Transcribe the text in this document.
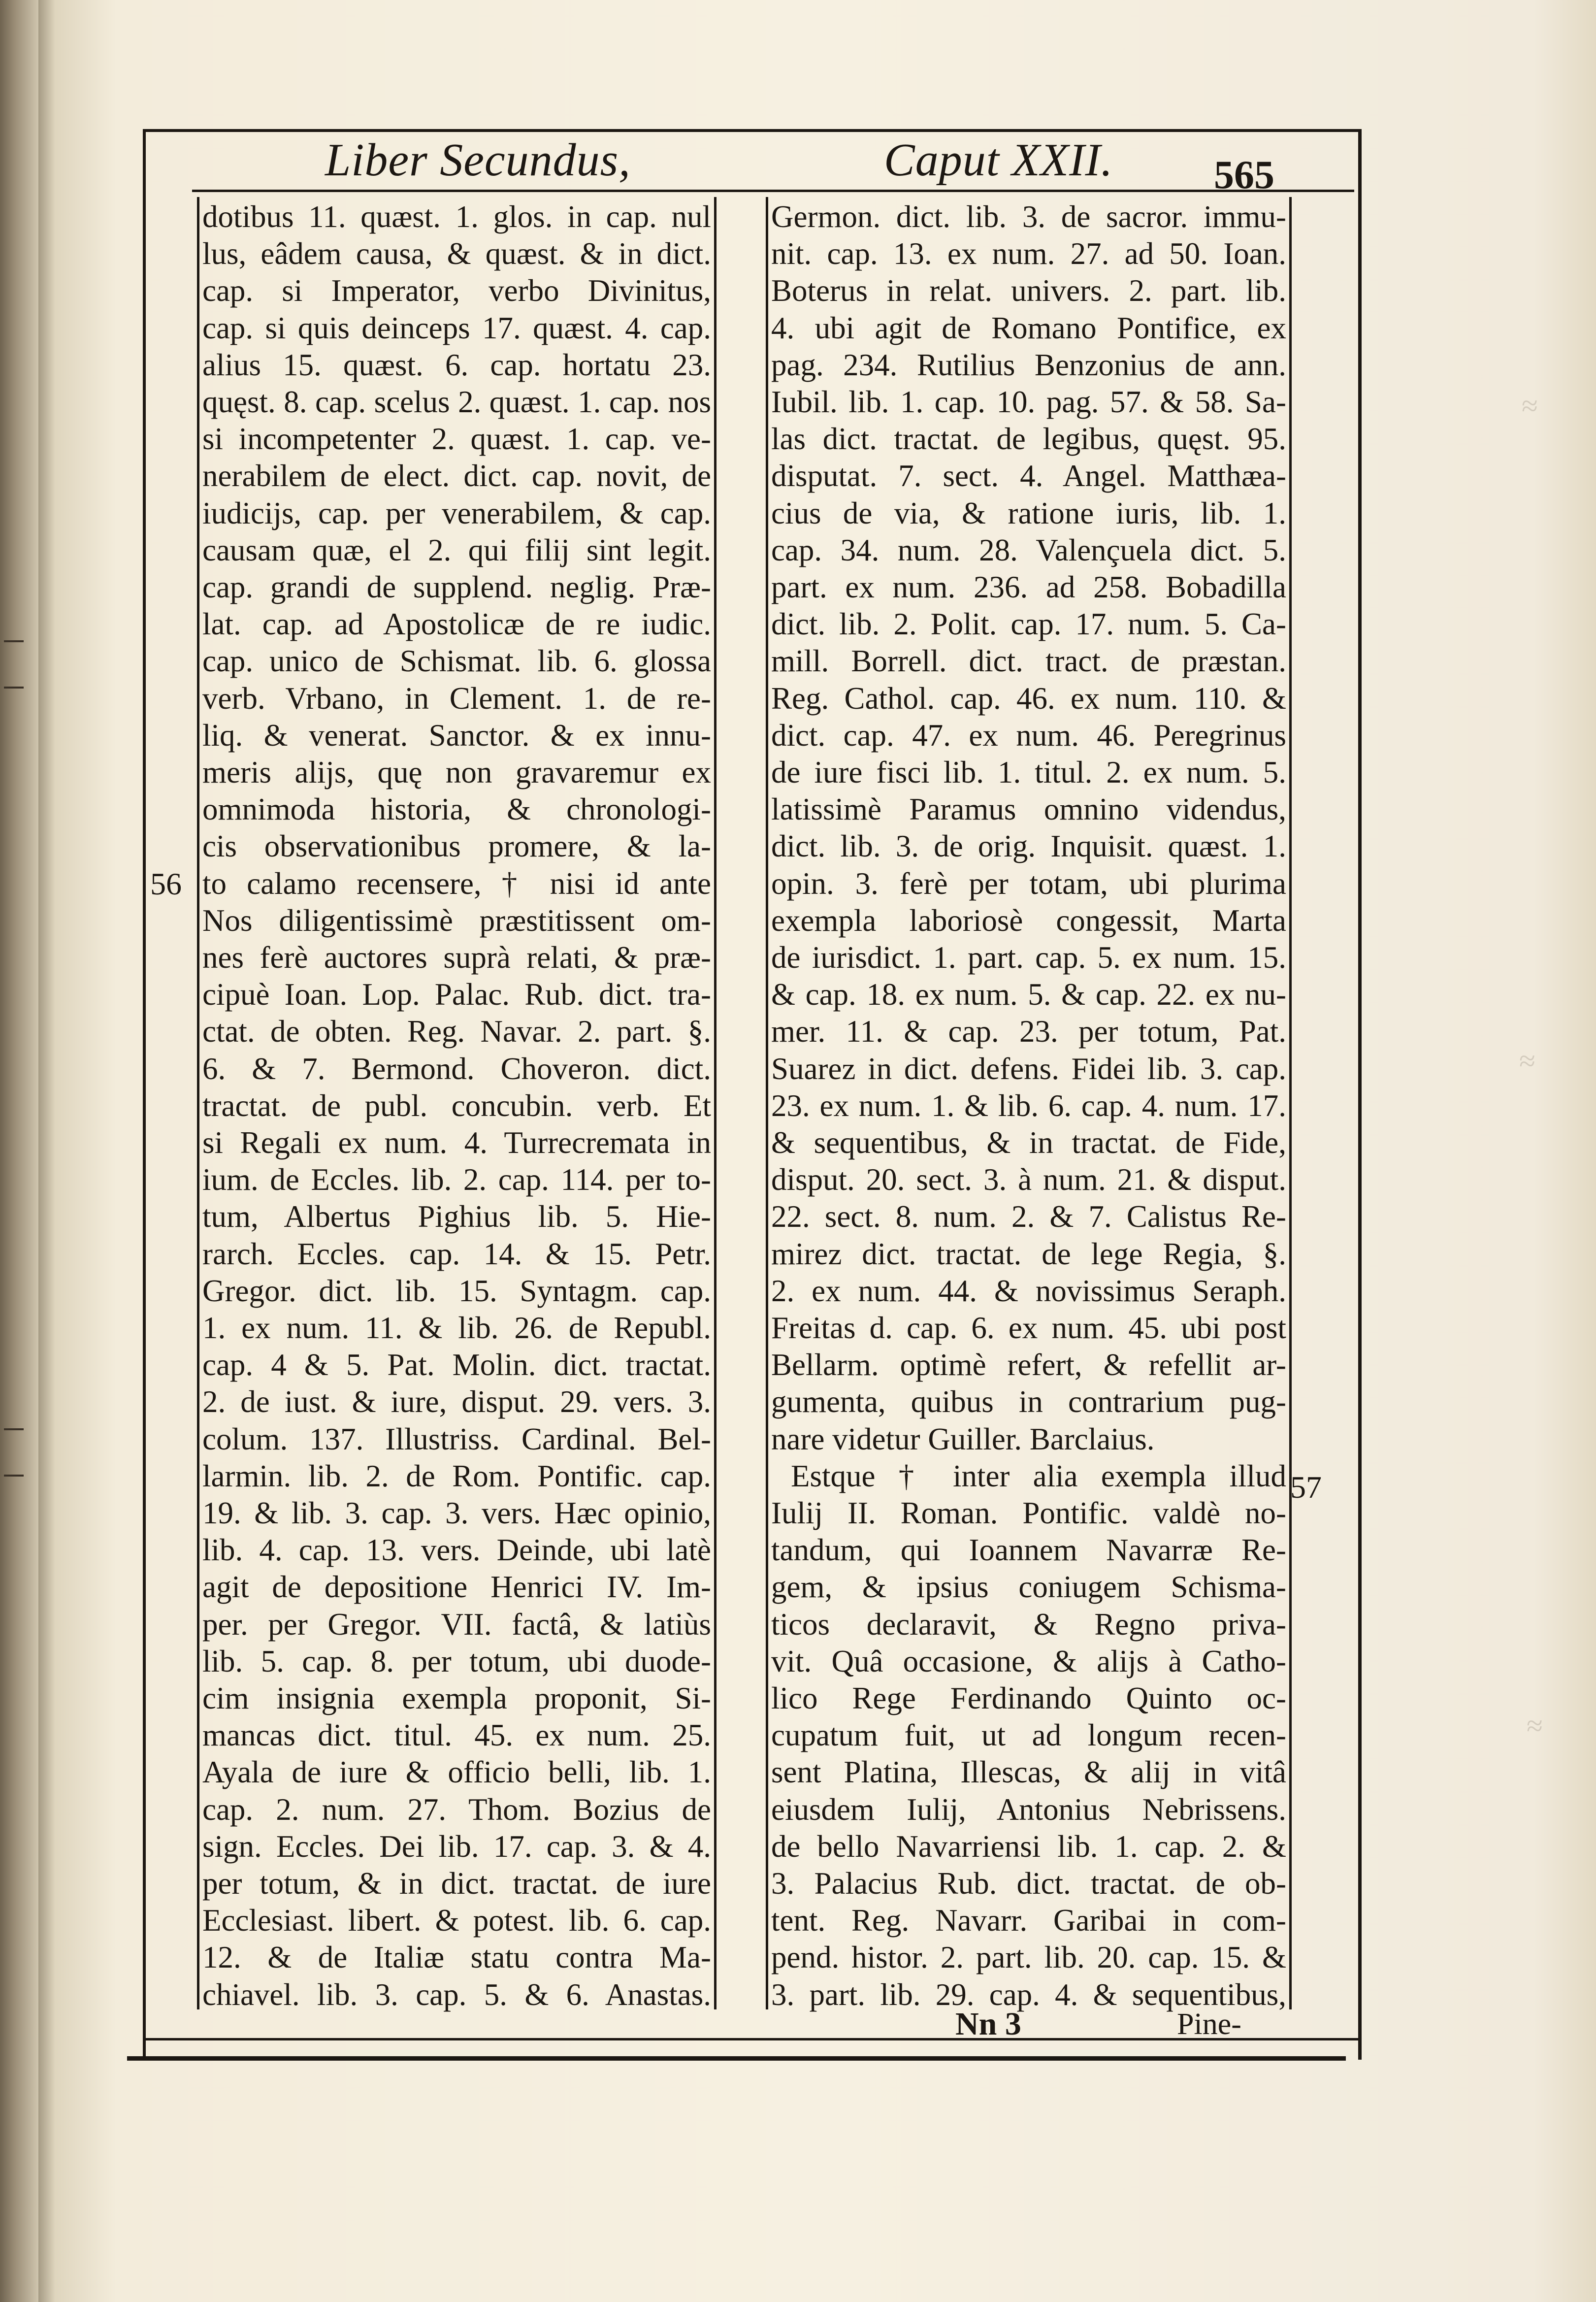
≈
≈
≈
Liber Secundus,	Caput XXII. 565
dotibus 11. quæst. 1. glos. in cap. nul
lus, eâdem causa, & quæst. & in dict.
cap. si Imperator, verbo Divinitus,
cap. si quis deinceps 17. quæst. 4. cap.
alius 15. quæst. 6. cap. hortatu 23.
quęst. 8. cap. scelus 2. quæst. 1. cap. nos
si incompetenter 2. quæst. 1. cap. ve-
nerabilem de elect. dict. cap. novit, de
iudicijs, cap. per venerabilem, & cap.
causam quæ, el 2. qui filij sint legit.
cap. grandi de supplend. neglig. Præ-
lat. cap. ad Apostolicæ de re iudic.
cap. unico de Schismat. lib. 6. glossa
verb. Vrbano, in Clement. 1. de re-
liq. & venerat. Sanctor. & ex innu-
meris alijs, quę non gravaremur ex
omnimoda historia, & chronologi-
cis observationibus promere, & la-
to calamo recensere, † nisi id ante
Nos diligentissimè præstitissent om-
nes ferè auctores suprà relati, & præ-
cipuè Ioan. Lop. Palac. Rub. dict. tra-
ctat. de obten. Reg. Navar. 2. part. §.
6. & 7. Bermond. Choveron. dict.
tractat. de publ. concubin. verb. Et
si Regali ex num. 4. Turrecremata in
ium. de Eccles. lib. 2. cap. 114. per to-
tum, Albertus Pighius lib. 5. Hie-
rarch. Eccles. cap. 14. & 15. Petr.
Gregor. dict. lib. 15. Syntagm. cap.
1. ex num. 11. & lib. 26. de Republ.
cap. 4 & 5. Pat. Molin. dict. tractat.
2. de iust. & iure, disput. 29. vers. 3.
colum. 137. Illustriss. Cardinal. Bel-
larmin. lib. 2. de Rom. Pontific. cap.
19. & lib. 3. cap. 3. vers. Hæc opinio,
lib. 4. cap. 13. vers. Deinde, ubi latè
agit de depositione Henrici IV. Im-
per. per Gregor. VII. factâ, & latiùs
lib. 5. cap. 8. per totum, ubi duode-
cim insignia exempla proponit, Si-
mancas dict. titul. 45. ex num. 25.
Ayala de iure & officio belli, lib. 1.
cap. 2. num. 27. Thom. Bozius de
sign. Eccles. Dei lib. 17. cap. 3. & 4.
per totum, & in dict. tractat. de iure
Ecclesiast. libert. & potest. lib. 6. cap.
12. & de Italiæ statu contra Ma-
chiavel. lib. 3. cap. 5. & 6. Anastas.
Germon. dict. lib. 3. de sacror. immu-
nit. cap. 13. ex num. 27. ad 50. Ioan.
Boterus in relat. univers. 2. part. lib.
4. ubi agit de Romano Pontifice, ex
pag. 234. Rutilius Benzonius de ann.
Iubil. lib. 1. cap. 10. pag. 57. & 58. Sa-
las dict. tractat. de legibus, quęst. 95.
disputat. 7. sect. 4. Angel. Matthæa-
cius de via, & ratione iuris, lib. 1.
cap. 34. num. 28. Valençuela dict. 5.
part. ex num. 236. ad 258. Bobadilla
dict. lib. 2. Polit. cap. 17. num. 5. Ca-
mill. Borrell. dict. tract. de præstan.
Reg. Cathol. cap. 46. ex num. 110. &
dict. cap. 47. ex num. 46. Peregrinus
de iure fisci lib. 1. titul. 2. ex num. 5.
latissimè Paramus omnino videndus,
dict. lib. 3. de orig. Inquisit. quæst. 1.
opin. 3. ferè per totam, ubi plurima
exempla laboriosè congessit, Marta
de iurisdict. 1. part. cap. 5. ex num. 15.
& cap. 18. ex num. 5. & cap. 22. ex nu-
mer. 11. & cap. 23. per totum, Pat.
Suarez in dict. defens. Fidei lib. 3. cap.
23. ex num. 1. & lib. 6. cap. 4. num. 17.
& sequentibus, & in tractat. de Fide,
disput. 20. sect. 3. à num. 21. & disput.
22. sect. 8. num. 2. & 7. Calistus Re-
mirez dict. tractat. de lege Regia, §.
2. ex num. 44. & novissimus Seraph.
Freitas d. cap. 6. ex num. 45. ubi post
Bellarm. optimè refert, & refellit ar-
gumenta, quibus in contrarium pug-
nare videtur Guiller. Barclaius.
Estque † inter alia exempla illud
Iulij II. Roman. Pontific. valdè no-
tandum, qui Ioannem Navarræ Re-
gem, & ipsius coniugem Schisma-
ticos declaravit, & Regno priva-
vit. Quâ occasione, & alijs à Catho-
lico Rege Ferdinando Quinto oc-
cupatum fuit, ut ad longum recen-
sent Platina, Illescas, & alij in vitâ
eiusdem Iulij, Antonius Nebrissens.
de bello Navarriensi lib. 1. cap. 2. &
3. Palacius Rub. dict. tractat. de ob-
tent. Reg. Navarr. Garibai in com-
pend. histor. 2. part. lib. 20. cap. 15. &
3. part. lib. 29. cap. 4. & sequentibus,
56
57
Nn 3	Pine-
